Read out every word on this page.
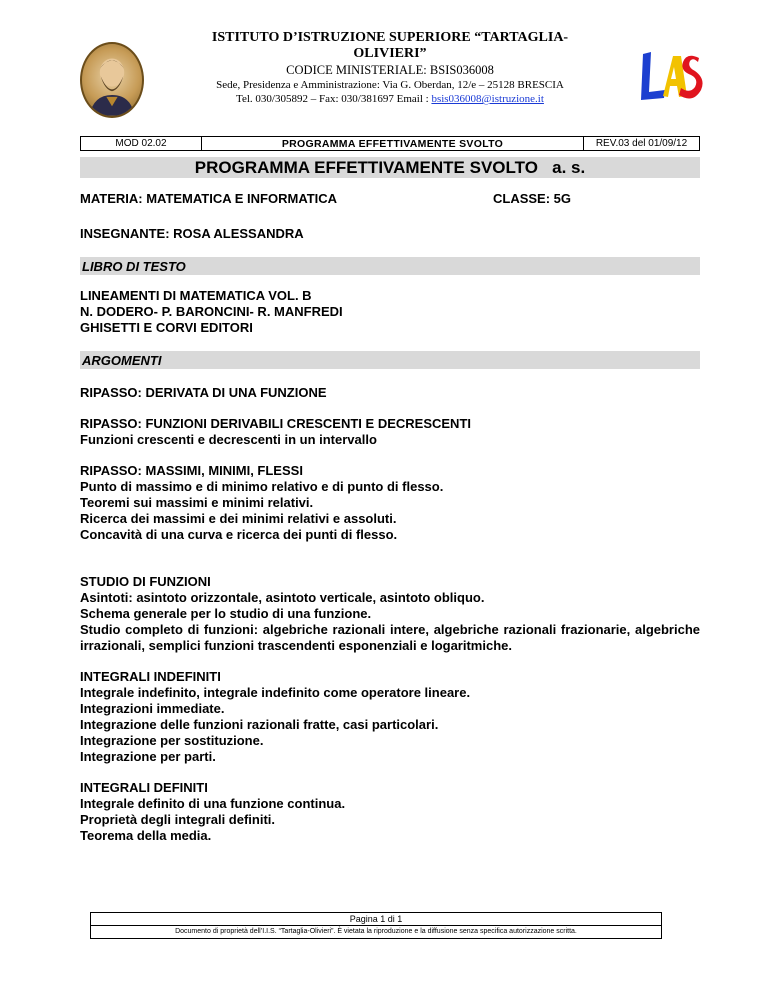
ISTITUTO D’ISTRUZIONE SUPERIORE “TARTAGLIA-OLIVIERI”
CODICE MINISTERIALE: BSIS036008
Sede, Presidenza e Amministrazione: Via G. Oberdan, 12/e – 25128 BRESCIA
Tel. 030/305892 – Fax: 030/381697 Email : bsis036008@istruzione.it
MOD 02.02	PROGRAMMA EFFETTIVAMENTE SVOLTO	REV.03 del 01/09/12
PROGRAMMA EFFETTIVAMENTE SVOLTO   a. s.
MATERIA: MATEMATICA E INFORMATICA	CLASSE: 5G
INSEGNANTE: ROSA ALESSANDRA
LIBRO DI TESTO
LINEAMENTI DI MATEMATICA VOL. B
N. DODERO- P. BARONCINI- R. MANFREDI
GHISETTI E CORVI EDITORI
ARGOMENTI
RIPASSO: DERIVATA DI UNA FUNZIONE
RIPASSO: FUNZIONI DERIVABILI CRESCENTI E DECRESCENTI
Funzioni crescenti e decrescenti in un intervallo
RIPASSO: MASSIMI, MINIMI, FLESSI
Punto di massimo e di minimo relativo e di punto di flesso.
Teoremi sui massimi e minimi relativi.
Ricerca dei massimi e dei minimi relativi e assoluti.
Concavità di una curva e ricerca dei punti di flesso.
STUDIO DI FUNZIONI
Asintoti: asintoto orizzontale, asintoto verticale, asintoto obliquo.
Schema generale per lo studio di una funzione.
Studio completo di funzioni: algebriche razionali intere, algebriche razionali frazionarie, algebriche irrazionali, semplici funzioni trascendenti esponenziali e logaritmiche.
INTEGRALI INDEFINITI
Integrale indefinito, integrale indefinito come operatore lineare.
Integrazioni immediate.
Integrazione delle funzioni razionali fratte, casi particolari.
Integrazione per sostituzione.
Integrazione per parti.
INTEGRALI DEFINITI
Integrale definito di una funzione continua.
Proprietà degli integrali definiti.
Teorema della media.
Pagina 1 di 1
Documento di proprietà dell’I.I.S. “Tartaglia-Olivieri”. È vietata la riproduzione e la diffusione senza specifica autorizzazione scritta.
